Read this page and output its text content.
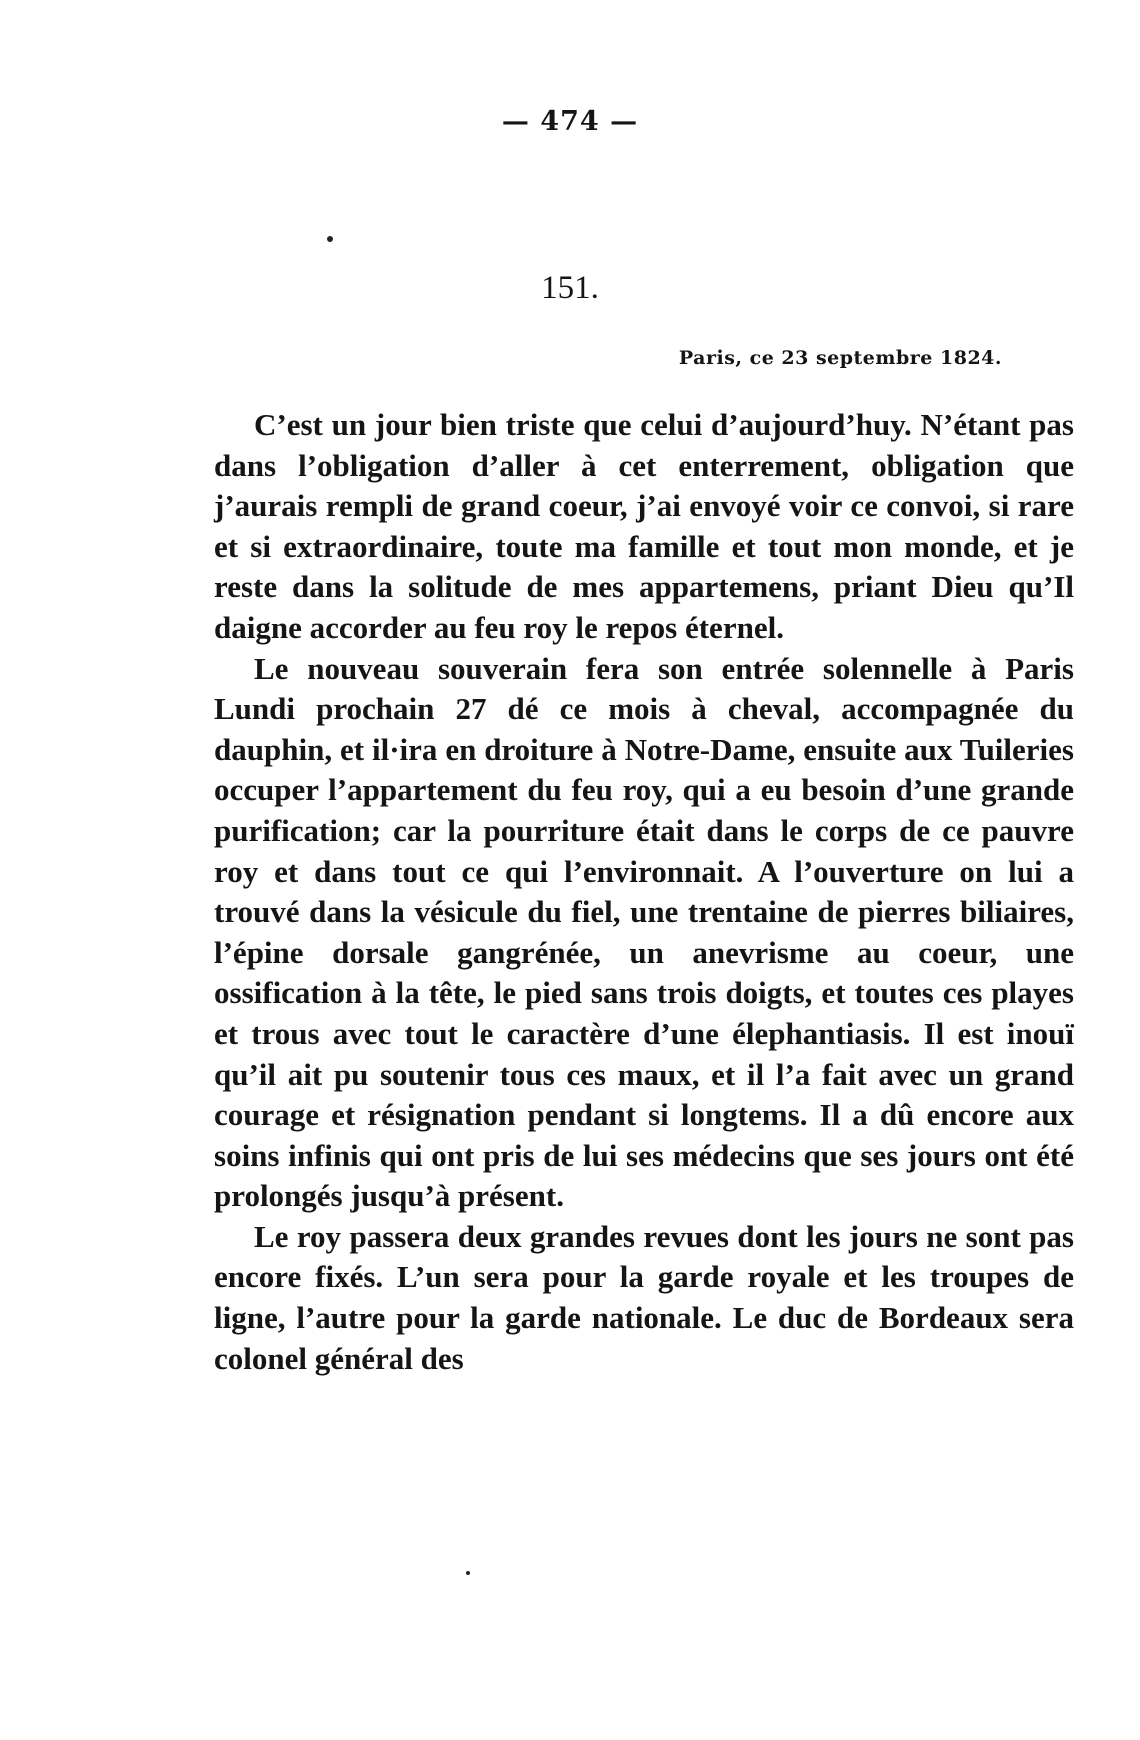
— 474 —
151.
Paris, ce 23 septembre 1824.

C’est un jour bien triste que celui d’aujourd’huy. N’étant pas dans l’obligation d’aller à cet enterrement, obligation que j’aurais rempli de grand coeur, j’ai envoyé voir ce convoi, si rare et si extraordinaire, toute ma famille et tout mon monde, et je reste dans la solitude de mes appartemens, priant Dieu qu’Il daigne accorder au feu roy le repos éternel.

Le nouveau souverain fera son entrée solennelle à Paris Lundi prochain 27 dé ce mois à cheval, accompagnée du dauphin, et il·ira en droiture à Notre-Dame, ensuite aux Tuileries occuper l’appartement du feu roy, qui a eu besoin d’une grande purification; car la pourriture était dans le corps de ce pauvre roy et dans tout ce qui l’environnait. A l’ouverture on lui a trouvé dans la vésicule du fiel, une trentaine de pierres biliaires, l’épine dorsale gangrénée, un anevrisme au coeur, une ossification à la tête, le pied sans trois doigts, et toutes ces playes et trous avec tout le caractère d’une élephantiasis. Il est inouï qu’il ait pu soutenir tous ces maux, et il l’a fait avec un grand courage et résignation pendant si longtems. Il a dû encore aux soins infinis qui ont pris de lui ses médecins que ses jours ont été prolongés jusqu’à présent.

Le roy passera deux grandes revues dont les jours ne sont pas encore fixés. L’un sera pour la garde royale et les troupes de ligne, l’autre pour la garde nationale. Le duc de Bordeaux sera colonel général des
